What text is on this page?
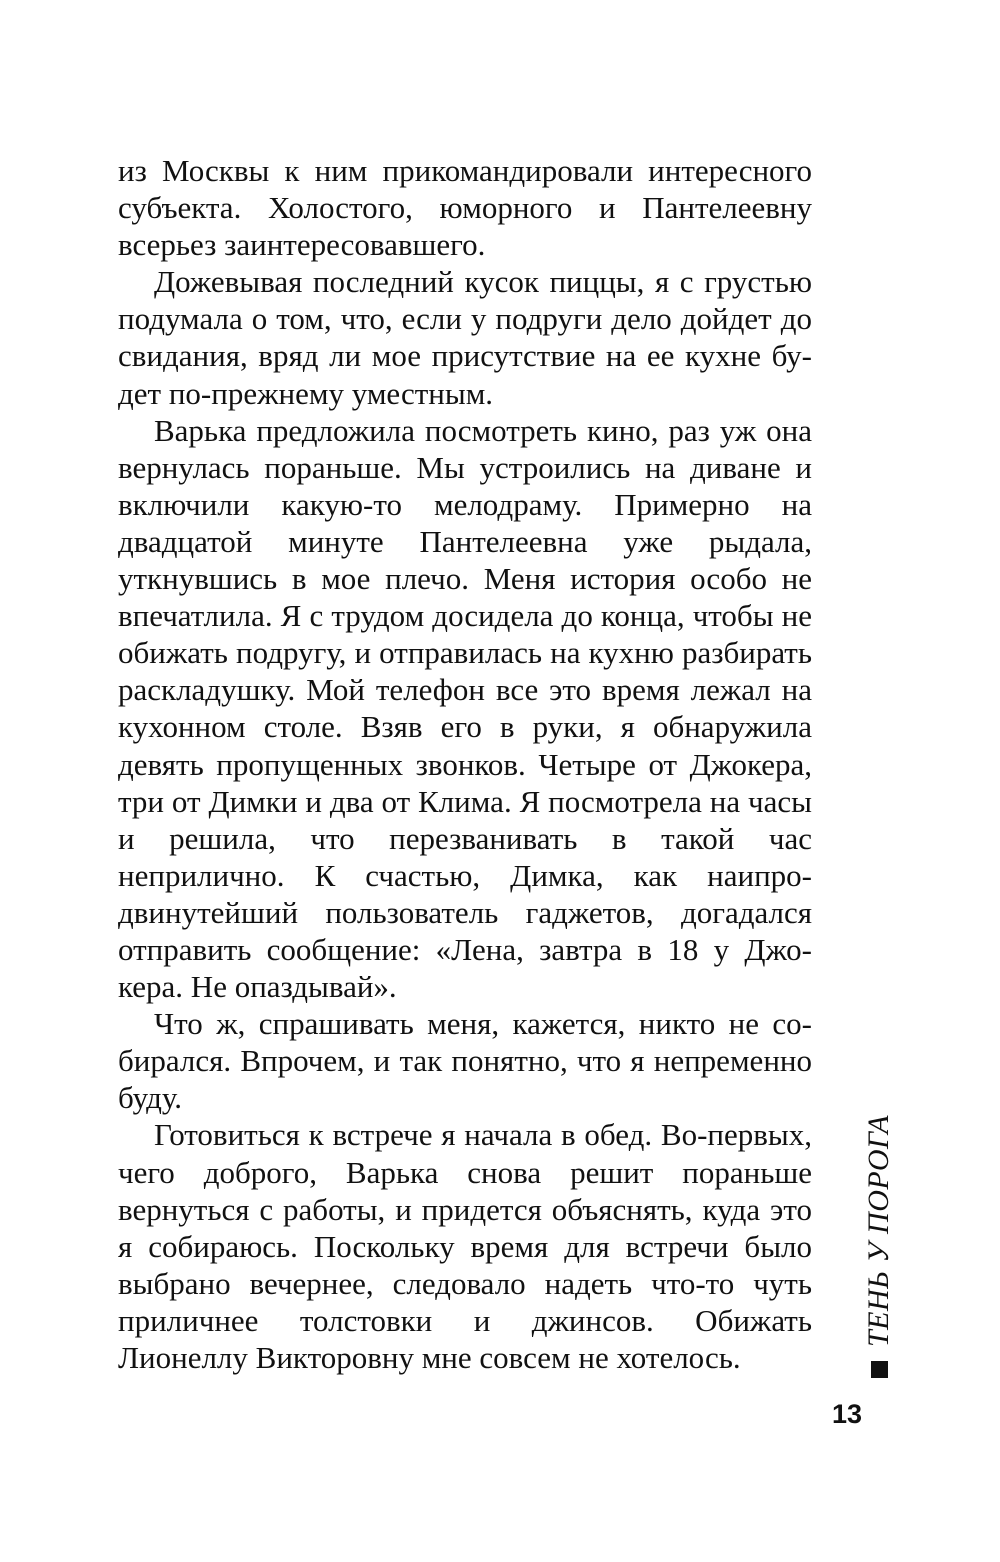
из Москвы к ним прикомандировали интересного субъекта. Холостого, юморного и Пантелеевну всерьез заинтересовавшего.

Дожевывая последний кусок пиццы, я с грустью подумала о том, что, если у подруги дело дойдет до свидания, вряд ли мое присутствие на ее кухне будет по-прежнему уместным.

Варька предложила посмотреть кино, раз уж она вернулась пораньше. Мы устроились на диване и включили какую-то мелодраму. Примерно на двадцатой минуте Пантелеевна уже рыдала, уткнувшись в мое плечо. Меня история особо не впечатлила. Я с трудом досидела до конца, чтобы не обижать подругу, и отправилась на кухню разбирать раскладушку. Мой телефон все это время лежал на кухонном столе. Взяв его в руки, я обнаружила девять пропущенных звонков. Четыре от Джокера, три от Димки и два от Клима. Я посмотрела на часы и решила, что перезванивать в такой час неприлично. К счастью, Димка, как наипродвинутейший пользователь гаджетов, догадался отправить сообщение: «Лена, завтра в 18 у Джокера. Не опаздывай».

Что ж, спрашивать меня, кажется, никто не собирался. Впрочем, и так понятно, что я непременно буду.

Готовиться к встрече я начала в обед. Во-первых, чего доброго, Варька снова решит пораньше вернуться с работы, и придется объяснять, куда это я собираюсь. Поскольку время для встречи было выбрано вечернее, следовало надеть что-то чуть приличнее толстовки и джинсов. Обижать Лионеллу Викторовну мне совсем не хотелось.

ТЕНЬ У ПОРОГА
13
